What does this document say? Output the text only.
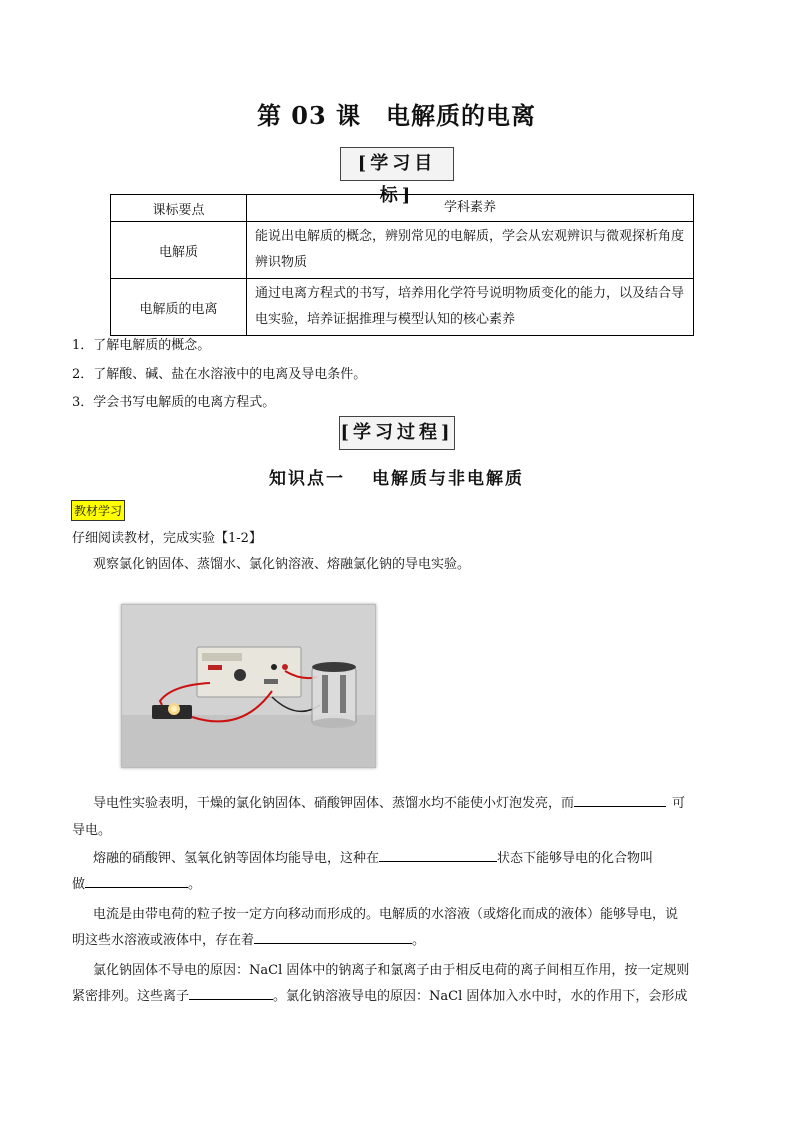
第 03 课　电解质的电离
[学习目标]
课标要点	学科素养
电解质	能说出电解质的概念，辨别常见的电解质，学会从宏观辨识与微观探析角度辨识物质
电解质的电离	通过电离方程式的书写，培养用化学符号说明物质变化的能力，以及结合导电实验，培养证据推理与模型认知的核心素养
1．了解电解质的概念。
2．了解酸、碱、盐在水溶液中的电离及导电条件。
3．学会书写电解质的电离方程式。
[学习过程]
知识点一　 电解质与非电解质
教材学习
仔细阅读教材，完成实验【1-2】
观察氯化钠固体、蒸馏水、氯化钠溶液、熔融氯化钠的导电实验。
导电性实验表明，干燥的氯化钠固体、硝酸钾固体、蒸馏水均不能使小灯泡发亮，而	可
导电。
熔融的硝酸钾、氢氧化钠等固体均能导电，这种在	状态下能够导电的化合物叫
做	。
电流是由带电荷的粒子按一定方向移动而形成的。电解质的水溶液（或熔化而成的液体）能够导电，说
明这些水溶液或液体中，存在着	。
氯化钠固体不导电的原因：NaCl 固体中的钠离子和氯离子由于相反电荷的离子间相互作用，按一定规则
紧密排列。这些离子	。氯化钠溶液导电的原因：NaCl 固体加入水中时，水的作用下，会形成
